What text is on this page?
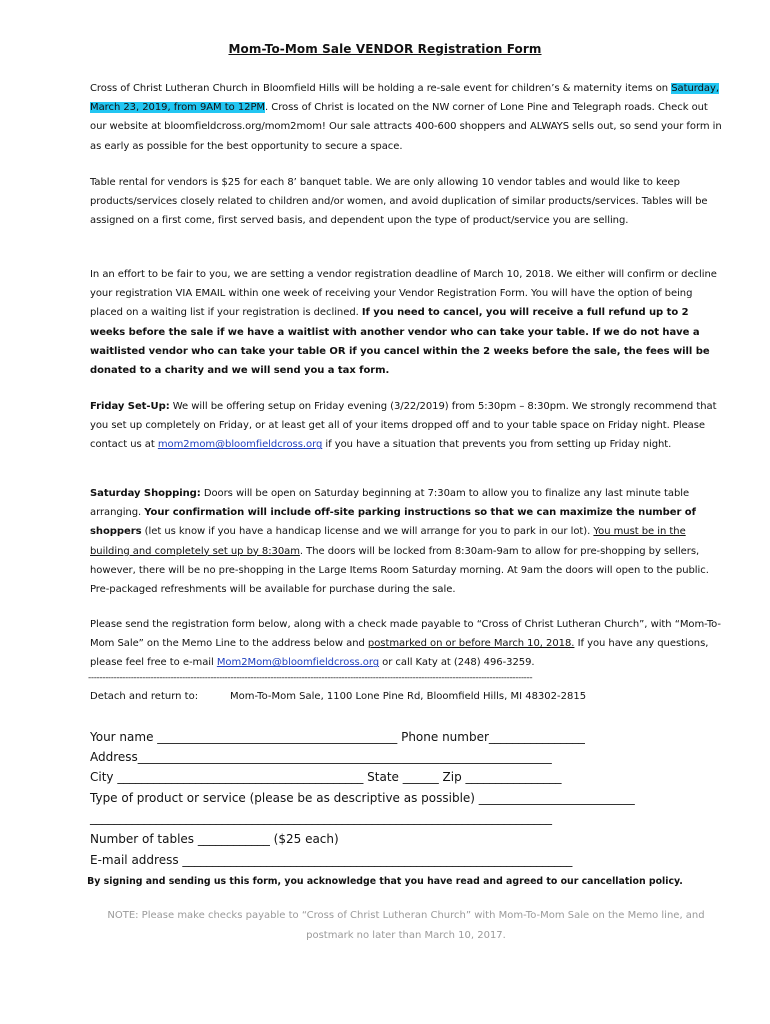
Mom-To-Mom Sale VENDOR Registration Form
Cross of Christ Lutheran Church in Bloomfield Hills will be holding a re-sale event for children’s & maternity items on Saturday, March 23, 2019, from 9AM to 12PM. Cross of Christ is located on the NW corner of Lone Pine and Telegraph roads. Check out our website at bloomfieldcross.org/mom2mom! Our sale attracts 400-600 shoppers and ALWAYS sells out, so send your form in as early as possible for the best opportunity to secure a space.
Table rental for vendors is $25 for each 8’ banquet table. We are only allowing 10 vendor tables and would like to keep products/services closely related to children and/or women, and avoid duplication of similar products/services. Tables will be assigned on a first come, first served basis, and dependent upon the type of product/service you are selling.
In an effort to be fair to you, we are setting a vendor registration deadline of March 10, 2018. We either will confirm or decline your registration VIA EMAIL within one week of receiving your Vendor Registration Form. You will have the option of being placed on a waiting list if your registration is declined. If you need to cancel, you will receive a full refund up to 2 weeks before the sale if we have a waitlist with another vendor who can take your table. If we do not have a waitlisted vendor who can take your table OR if you cancel within the 2 weeks before the sale, the fees will be donated to a charity and we will send you a tax form.
Friday Set-Up: We will be offering setup on Friday evening (3/22/2019) from 5:30pm – 8:30pm. We strongly recommend that you set up completely on Friday, or at least get all of your items dropped off and to your table space on Friday night. Please contact us at mom2mom@bloomfieldcross.org if you have a situation that prevents you from setting up Friday night.
Saturday Shopping: Doors will be open on Saturday beginning at 7:30am to allow you to finalize any last minute table arranging. Your confirmation will include off-site parking instructions so that we can maximize the number of shoppers (let us know if you have a handicap license and we will arrange for you to park in our lot). You must be in the building and completely set up by 8:30am. The doors will be locked from 8:30am-9am to allow for pre-shopping by sellers, however, there will be no pre-shopping in the Large Items Room Saturday morning. At 9am the doors will open to the public. Pre-packaged refreshments will be available for purchase during the sale.
Please send the registration form below, along with a check made payable to “Cross of Christ Lutheran Church”, with “Mom-To-Mom Sale” on the Memo Line to the address below and postmarked on or before March 10, 2018. If you have any questions, please feel free to e-mail Mom2Mom@bloomfieldcross.org or call Katy at (248) 496-3259.
------------------------------------------------------------------------------------------------------------------------------------------------------------
Detach and return to:	Mom-To-Mom Sale, 1100 Lone Pine Rd, Bloomfield Hills, MI 48302-2815
Your name ________________________________________ Phone number________________
Address_____________________________________________________________________
City _________________________________________ State ______ Zip ________________
Type of product or service (please be as descriptive as possible) __________________________
_____________________________________________________________________________
Number of tables ____________ ($25 each)
E-mail address _________________________________________________________________
By signing and sending us this form, you acknowledge that you have read and agreed to our cancellation policy.
NOTE: Please make checks payable to “Cross of Christ Lutheran Church” with Mom-To-Mom Sale on the Memo line, and postmark no later than March 10, 2017.
